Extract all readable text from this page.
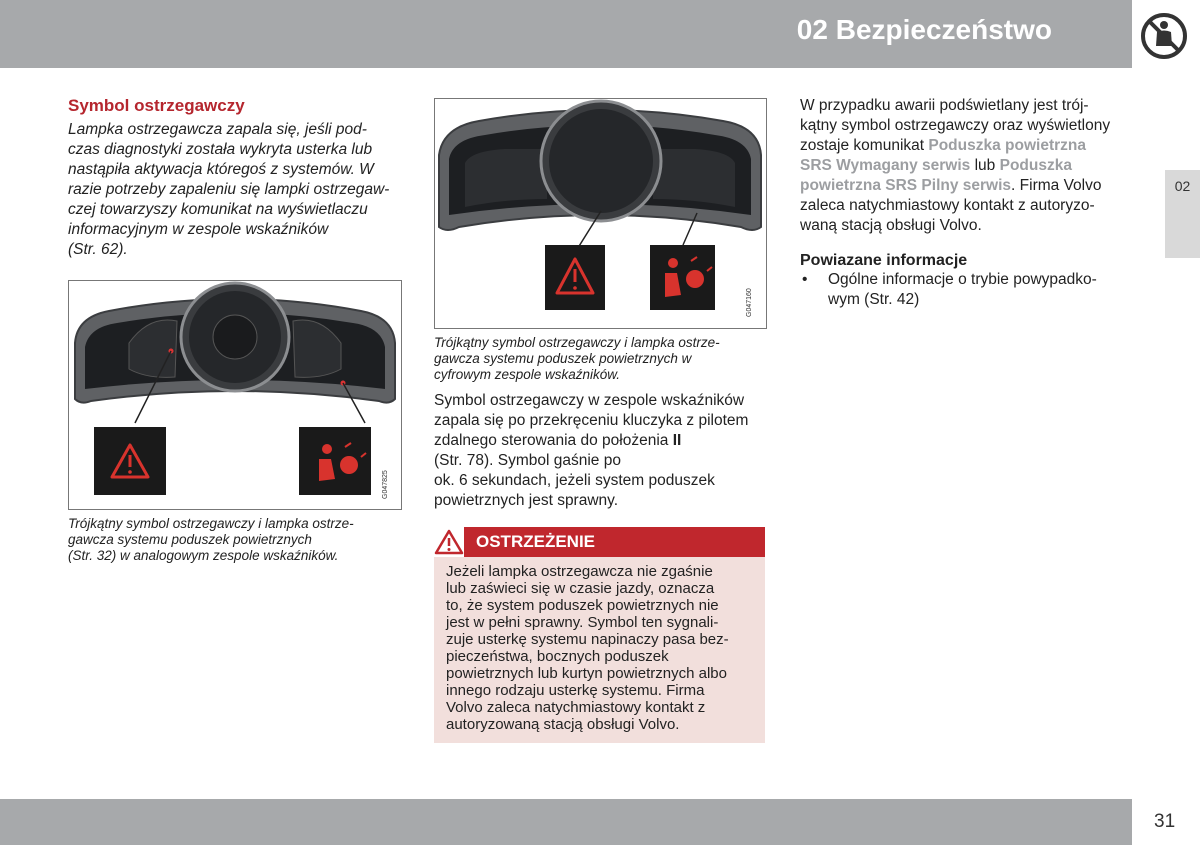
02 Bezpieczeństwo
02
Symbol ostrzegawczy
Lampka ostrzegawcza zapala się, jeśli pod-
czas diagnostyki została wykryta usterka lub
nastąpiła aktywacja któregoś z systemów. W
razie potrzeby zapaleniu się lampki ostrzegaw-
czej towarzyszy komunikat na wyświetlaczu
informacyjnym w zespole wskaźników
(Str. 62).
G047825
Trójkątny symbol ostrzegawczy i lampka ostrze-
gawcza systemu poduszek powietrznych
(Str. 32) w analogowym zespole wskaźników.
G047160
Trójkątny symbol ostrzegawczy i lampka ostrze-
gawcza systemu poduszek powietrznych w
cyfrowym zespole wskaźników.
Symbol ostrzegawczy w zespole wskaźników
zapala się po przekręceniu kluczyka z pilotem
zdalnego sterowania do położenia II
(Str. 78). Symbol gaśnie po
ok. 6 sekundach, jeżeli system poduszek
powietrznych jest sprawny.
OSTRZEŻENIE
Jeżeli lampka ostrzegawcza nie zgaśnie
lub zaświeci się w czasie jazdy, oznacza
to, że system poduszek powietrznych nie
jest w pełni sprawny. Symbol ten sygnali-
zuje usterkę systemu napinaczy pasa bez-
pieczeństwa, bocznych poduszek
powietrznych lub kurtyn powietrznych albo
innego rodzaju usterkę systemu. Firma
Volvo zaleca natychmiastowy kontakt z
autoryzowaną stacją obsługi Volvo.
W przypadku awarii podświetlany jest trój-
kątny symbol ostrzegawczy oraz wyświetlony
zostaje komunikat Poduszka powietrzna
SRS Wymagany serwis lub Poduszka
powietrzna SRS Pilny serwis. Firma Volvo
zaleca natychmiastowy kontakt z autoryzo-
waną stacją obsługi Volvo.
Powiazane informacje
• Ogólne informacje o trybie powypadko-
wym (Str. 42)
31
